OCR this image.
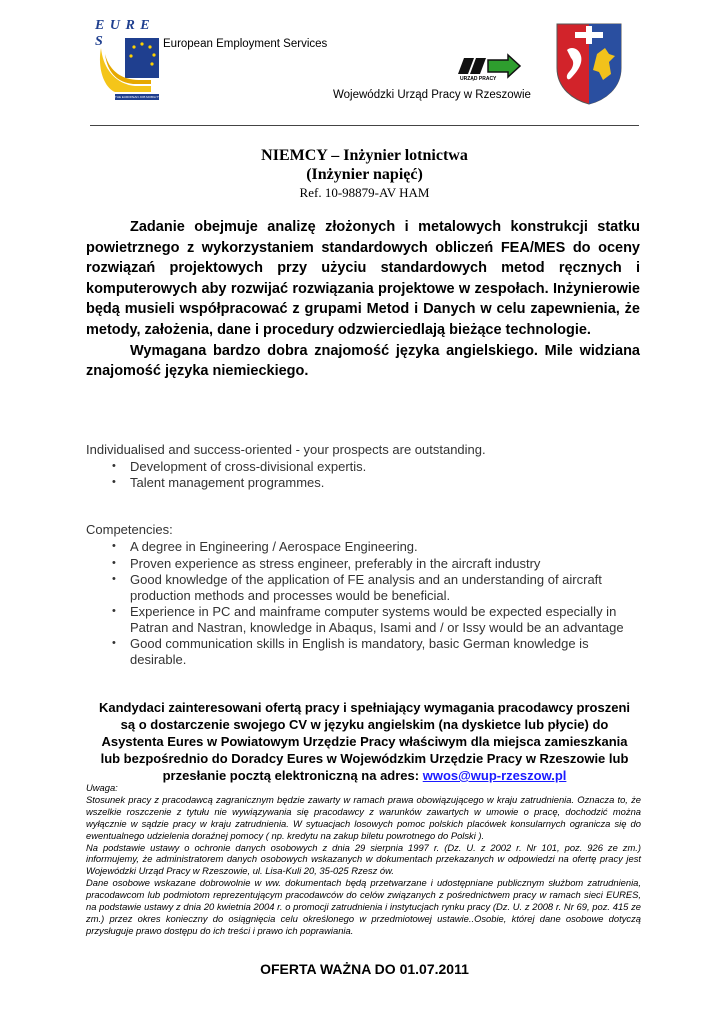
E U R E S
THE EUROPEAN JOB MOBILITY PORTAL
European Employment Services
URZĄD PRACY
Wojewódzki Urząd Pracy w Rzeszowie
NIEMCY – Inżynier lotnictwa
(Inżynier napięć)
Ref. 10-98879-AV HAM

Zadanie obejmuje analizę złożonych i metalowych konstrukcji statku powietrznego z wykorzystaniem standardowych obliczeń FEA/MES do oceny rozwiązań projektowych przy użyciu standardowych metod ręcznych i komputerowych aby rozwijać rozwiązania projektowe w zespołach. Inżynierowie będą musieli współpracować z grupami Metod i Danych w celu zapewnienia, że metody, założenia, dane i procedury odzwierciedlają bieżące technologie.

Wymagana bardzo dobra znajomość języka angielskiego. Mile widziana znajomość języka niemieckiego.

Individualised and success-oriented - your prospects are outstanding.
• Development of cross-divisional expertis.
• Talent management programmes.
Competencies:
• A degree in Engineering / Aerospace Engineering.
• Proven experience as stress engineer, preferably in the aircraft industry
• Good knowledge of the application of FE analysis and an understanding of aircraft production methods and processes would be beneficial.
• Experience in PC and mainframe computer systems would be expected especially in Patran and Nastran, knowledge in Abaqus, Isami and / or Issy would be an advantage
• Good communication skills in English is mandatory, basic German knowledge is desirable.
Kandydaci zainteresowani ofertą pracy i spełniający wymagania pracodawcy proszeni są o dostarczenie swojego CV w języku angielskim (na dyskietce lub płycie) do Asystenta Eures w Powiatowym Urzędzie Pracy właściwym dla miejsca zamieszkania lub bezpośrednio do Doradcy Eures w Wojewódzkim Urzędzie Pracy w Rzeszowie lub przesłanie pocztą elektroniczną na adres: wwos@wup-rzeszow.pl

Uwaga:

Stosunek pracy z pracodawcą zagranicznym będzie zawarty w ramach prawa obowiązującego w kraju zatrudnienia. Oznacza to, że wszelkie roszczenie z tytułu nie wywiązywania się pracodawcy z warunków zawartych w umowie o pracę, dochodzić można wyłącznie w sądzie pracy w kraju zatrudnienia. W sytuacjach losowych pomoc polskich placówek konsularnych ogranicza się do ewentualnego udzielenia doraźnej pomocy ( np. kredytu na zakup biletu powrotnego do Polski ).

Na podstawie ustawy o ochronie danych osobowych z dnia 29 sierpnia 1997 r. (Dz. U. z 2002 r. Nr 101, poz. 926 ze zm.) informujemy, że administratorem danych osobowych wskazanych w dokumentach przekazanych w odpowiedzi na ofertę pracy jest Wojewódzki Urząd Pracy w Rzeszowie, ul. Lisa-Kuli 20, 35-025 Rzesz ów.

Dane osobowe wskazane dobrowolnie w ww. dokumentach będą przetwarzane i udostępniane publicznym służbom zatrudnienia, pracodawcom lub podmiotom reprezentującym pracodawców do celów związanych z pośrednictwem pracy w ramach sieci EURES, na podstawie ustawy z dnia 20 kwietnia 2004 r. o promocji zatrudnienia i instytucjach rynku pracy (Dz. U. z 2008 r. Nr 69, poz. 415 ze zm.) przez okres konieczny do osiągnięcia celu określonego w przedmiotowej ustawie..Osobie, której dane osobowe dotyczą przysługuje prawo dostępu do ich treści i prawo ich poprawiania.

OFERTA WAŻNA DO 01.07.2011
